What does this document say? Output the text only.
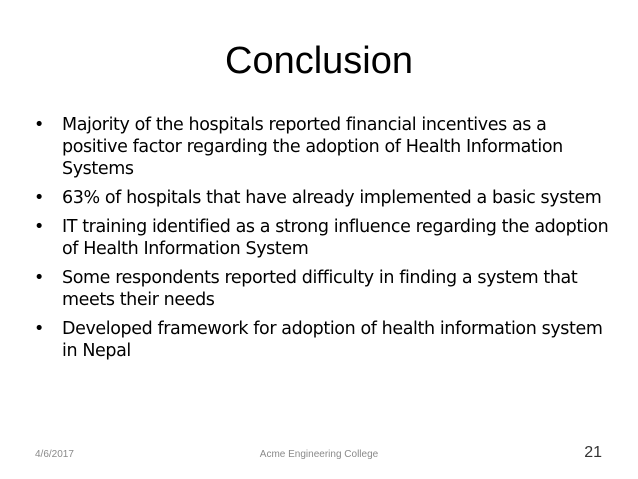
Conclusion
•	Majority of the hospitals reported financial incentives as a positive factor regarding the adoption of Health Information Systems
•	63% of hospitals that have already implemented a basic system
•	IT training identified as a strong influence regarding the adoption of Health Information System
•	Some respondents reported difficulty in finding a system that meets their needs
•	Developed framework for adoption of health information system in Nepal
4/6/2017	Acme Engineering College	21
